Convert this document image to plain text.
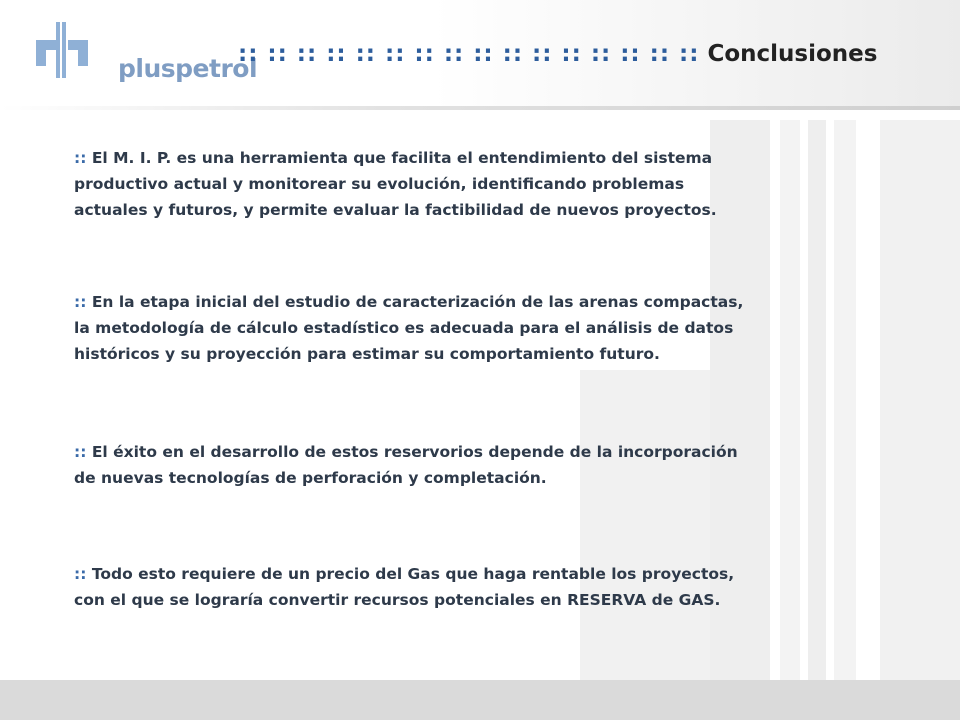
pluspetrol
:: :: :: :: :: :: :: :: :: :: :: :: :: :: :: :: Conclusiones
:: El M. I. P. es una herramienta que facilita el entendimiento del sistema productivo actual y monitorear su evolución, identificando problemas actuales y futuros, y permite evaluar la factibilidad de nuevos proyectos.
:: En la etapa inicial del estudio de caracterización de las arenas compactas, la metodología de cálculo estadístico es adecuada para el análisis de datos históricos y su proyección para estimar su comportamiento futuro.
:: El éxito en el desarrollo de estos reservorios depende de la incorporación de nuevas tecnologías de perforación y completación.
:: Todo esto requiere de un precio del Gas que haga rentable los proyectos, con el que se lograría convertir recursos potenciales en RESERVA de GAS.
